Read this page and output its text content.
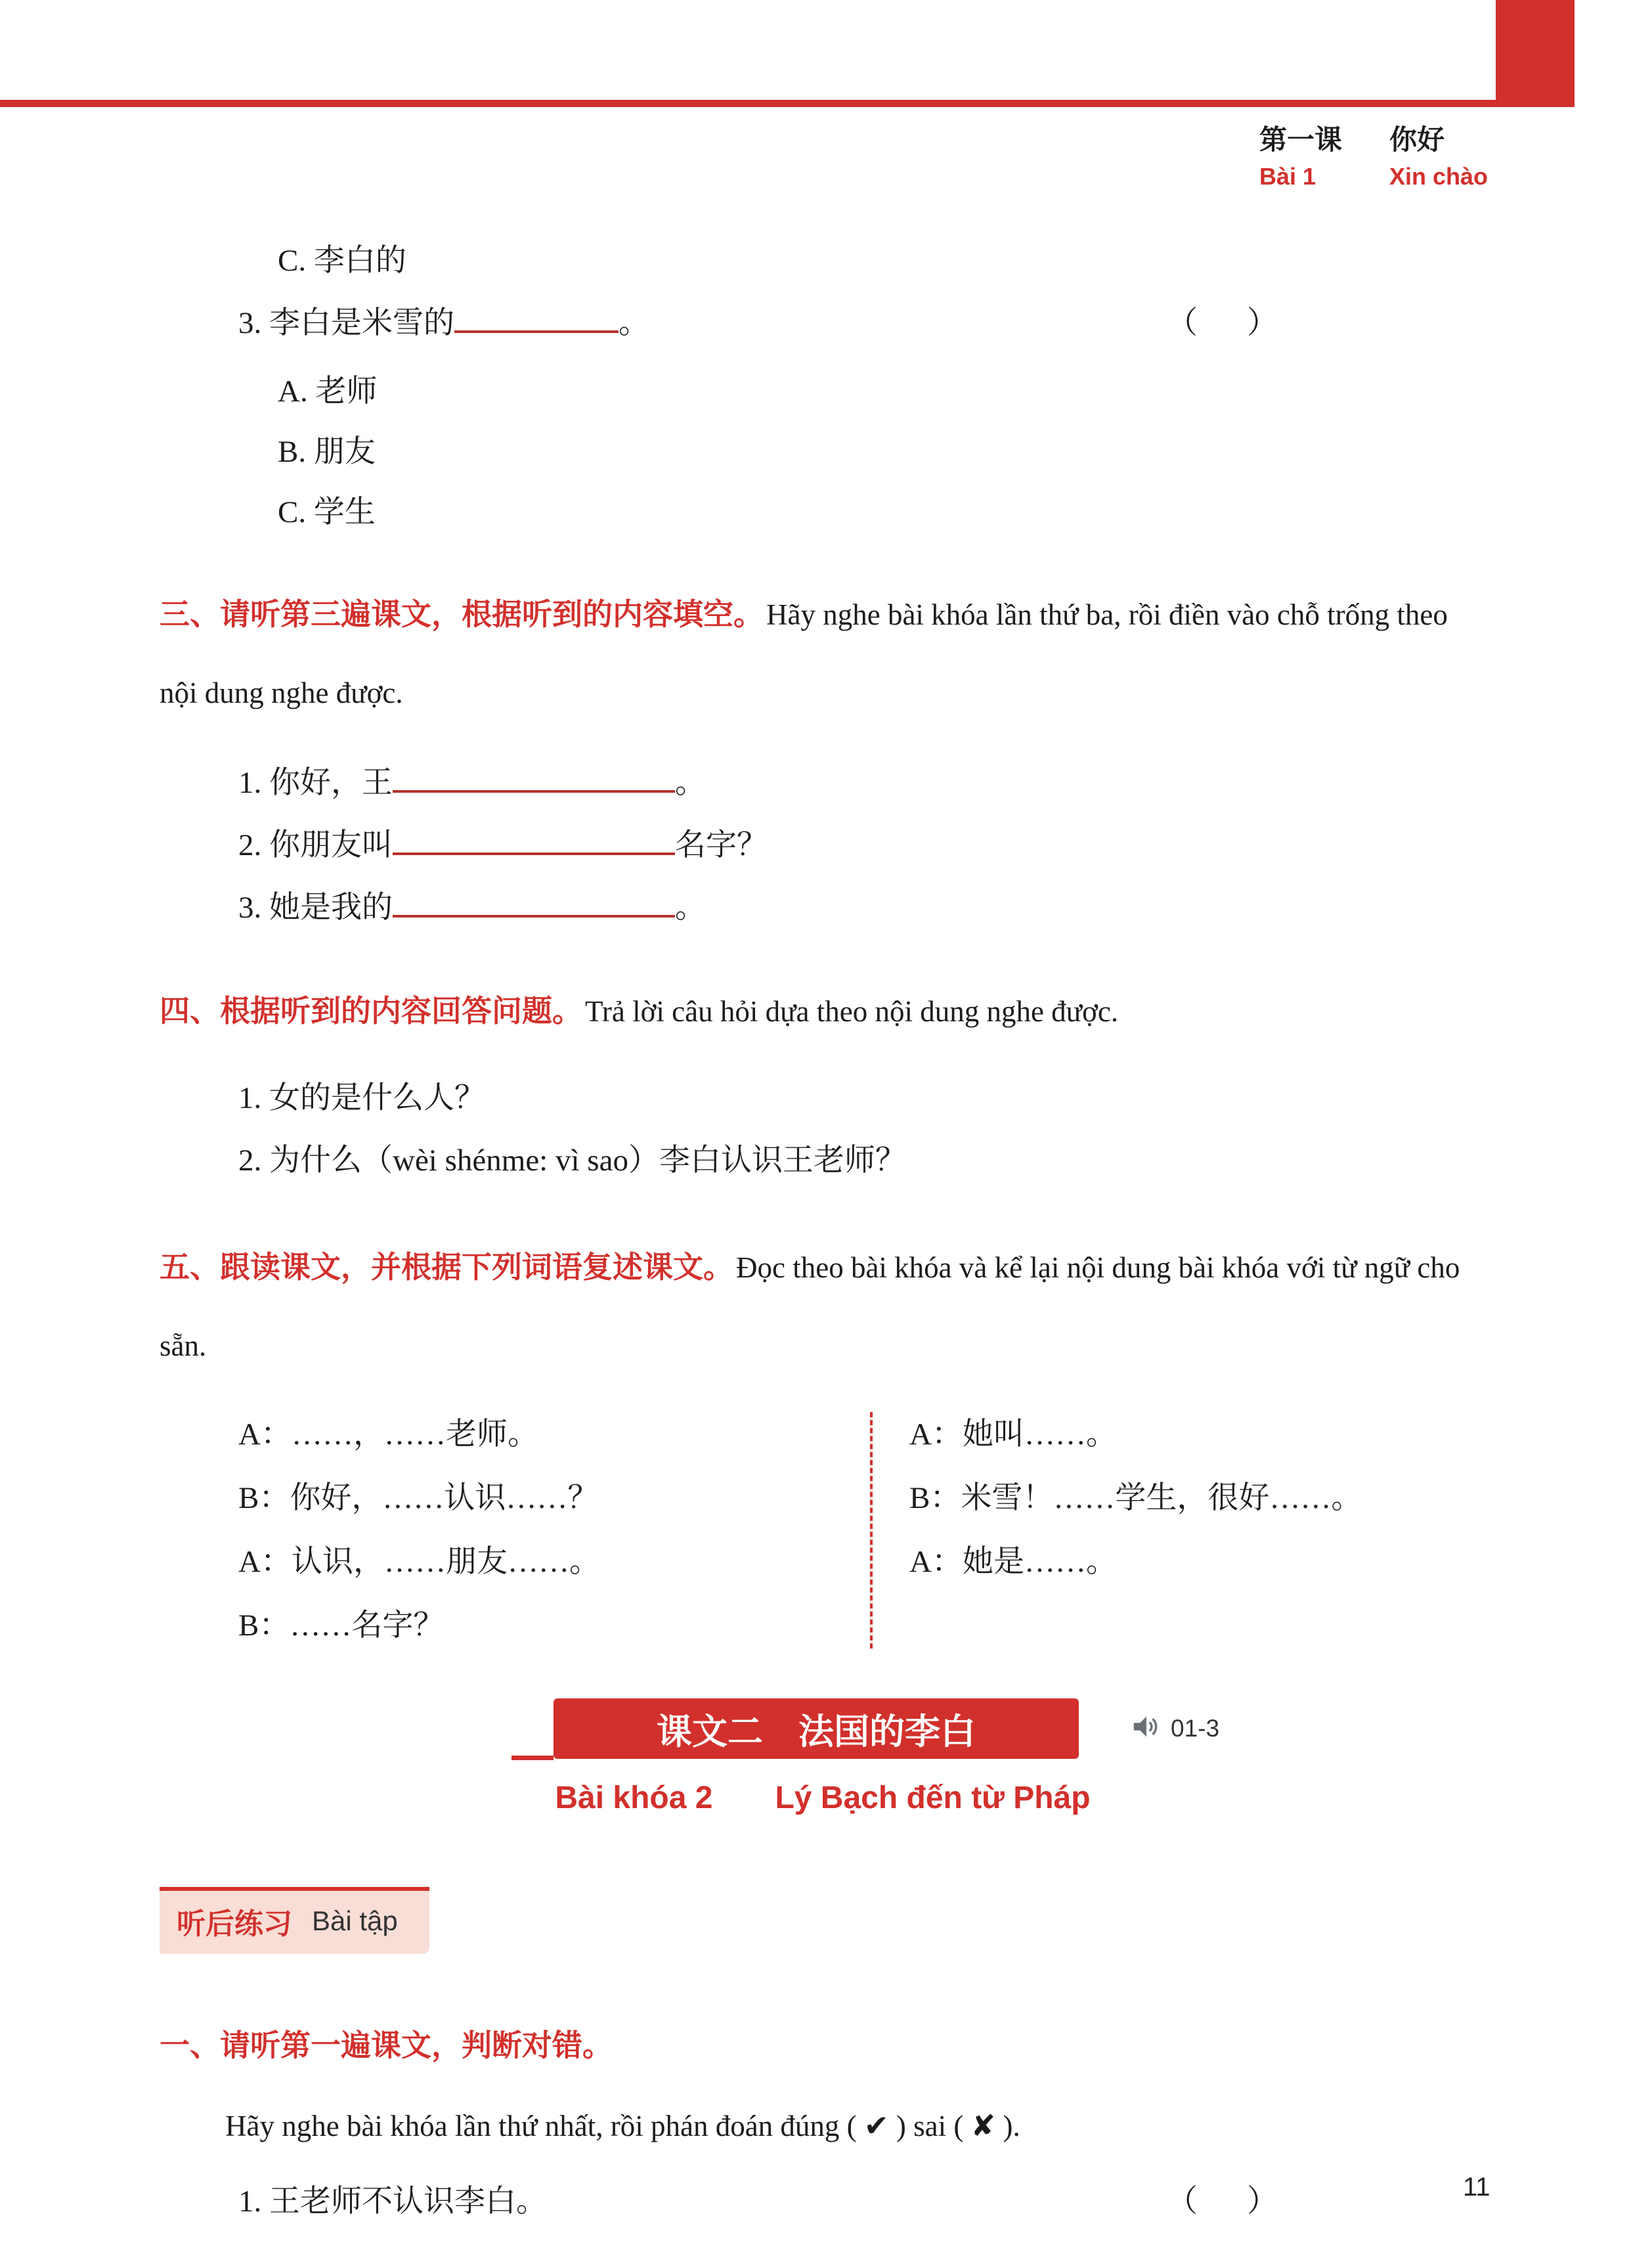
第一课 你好
Bài 1	Xin chào
C. 李白的
3. 李白是米雪的	。	（　）
A. 老师
B. 朋友
C. 学生

三、请听第三遍课文，根据听到的内容填空。 Hãy nghe bài khóa lần thứ ba, rồi điền vào chỗ trống theo nội dung nghe được.

1. 你好，王	。
2. 你朋友叫	名字？
3. 她是我的	。

四、根据听到的内容回答问题。 Trả lời câu hỏi dựa theo nội dung nghe được.

1. 女的是什么人？
2. 为什么（wèi shénme: vì sao）李白认识王老师？

五、跟读课文，并根据下列词语复述课文。 Đọc theo bài khóa và kể lại nội dung bài khóa với từ ngữ cho sẵn.

A：……，……老师。

B：你好，……认识……？

A：认识，……朋友……。

B：……名字？

A：她叫……。

B：米雪！……学生，很好……。

A：她是……。

课文二　法国的李白	01-3
Bài khóa 2 Lý Bạch đến từ Pháp
听后练习 Bài tập

一、请听第一遍课文，判断对错。

Hãy nghe bài khóa lần thứ nhất, rồi phán đoán đúng ( ✔ ) sai ( ✘ ).
1. 王老师不认识李白。	（　）	11
